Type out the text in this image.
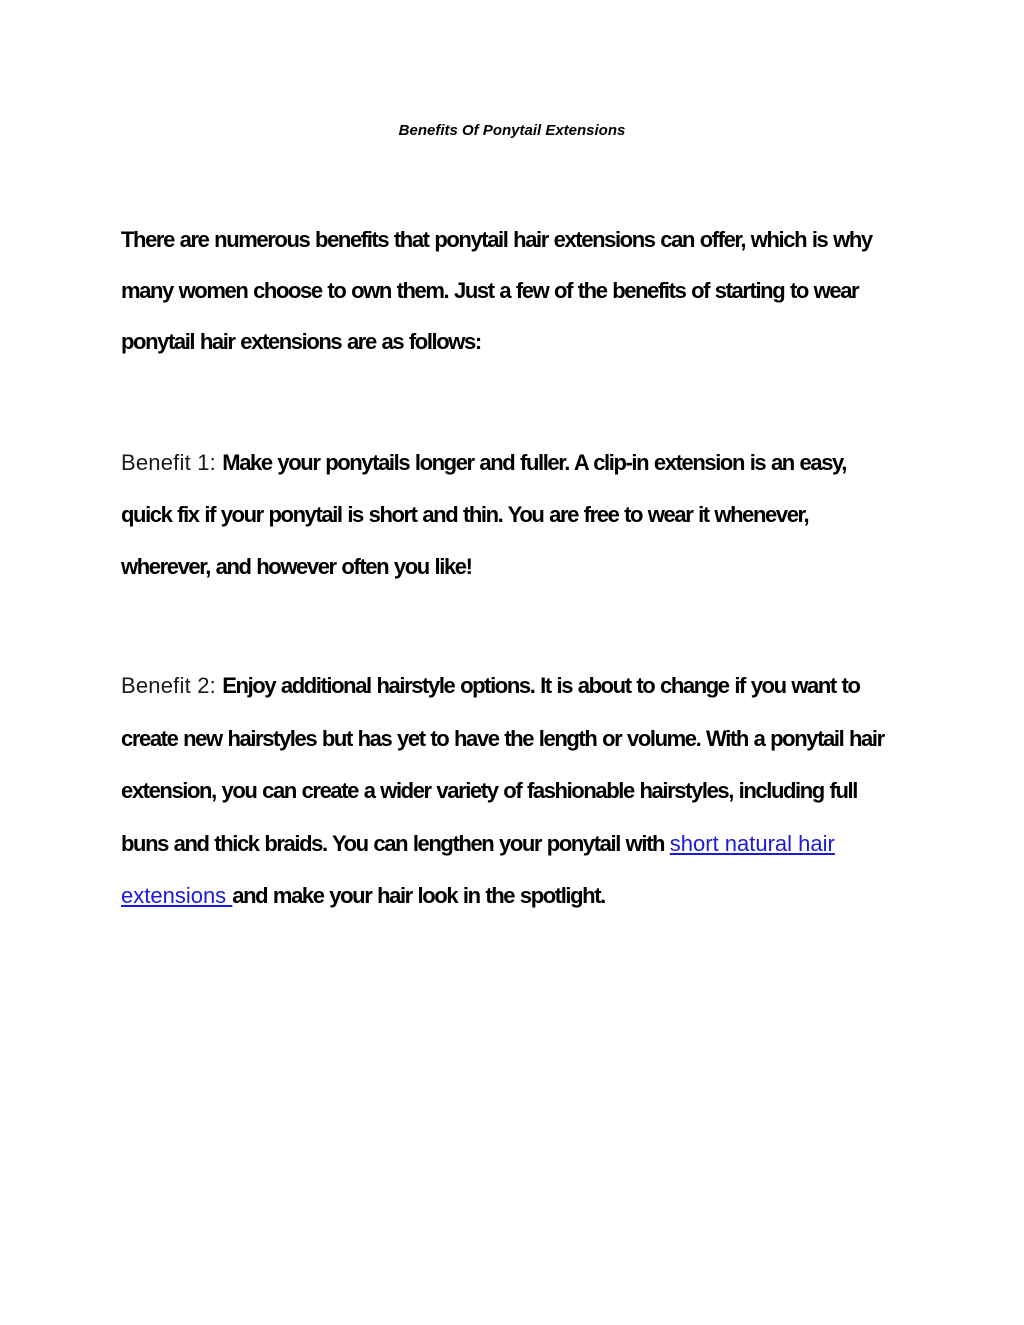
Benefits Of Ponytail Extensions

There are numerous benefits that ponytail hair extensions can offer, which is why many women choose to own them. Just a few of the benefits of starting to wear ponytail hair extensions are as follows:

Benefit 1: Make your ponytails longer and fuller. A clip-in extension is an easy, quick fix if your ponytail is short and thin. You are free to wear it whenever, wherever, and however often you like!

Benefit 2: Enjoy additional hairstyle options. It is about to change if you want to create new hairstyles but has yet to have the length or volume. With a ponytail hair extension, you can create a wider variety of fashionable hairstyles, including full buns and thick braids. You can lengthen your ponytail with short natural hair extensions and make your hair look in the spotlight.
